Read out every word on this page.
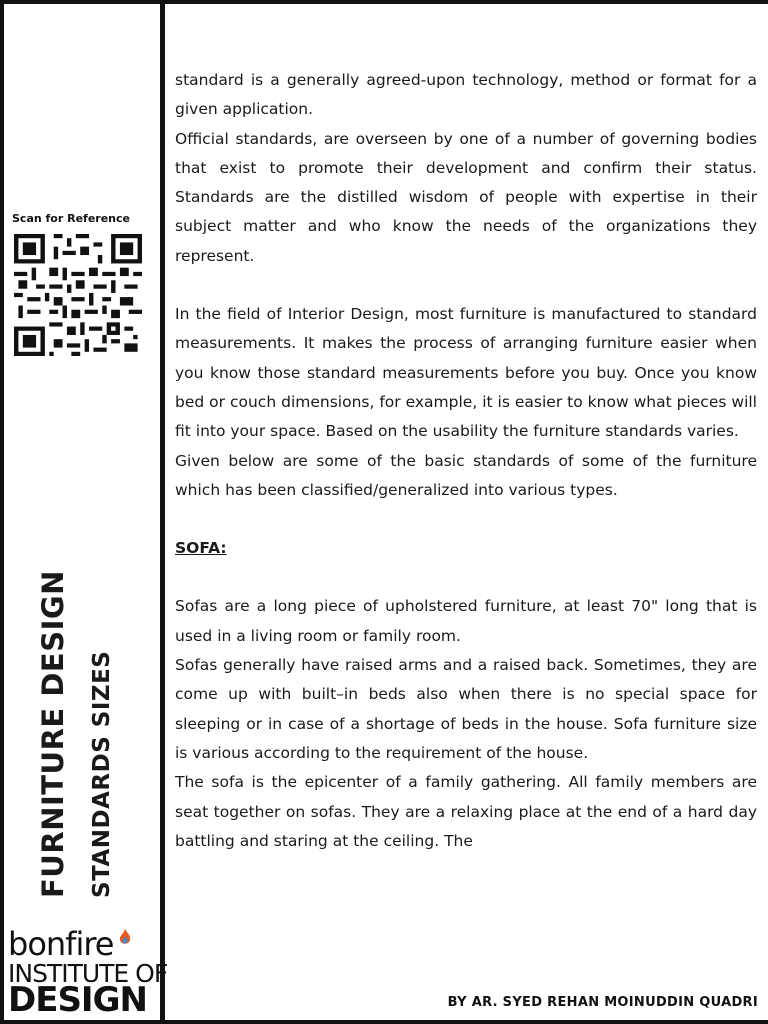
Scan for Reference
FURNITURE DESIGN STANDARDS SIZES
bonfire
INSTITUTE OF
DESIGN

standard is a generally agreed-upon technology, method or format for a given application.

Official standards, are overseen by one of a number of governing bodies that exist to promote their development and confirm their status. Standards are the distilled wisdom of people with expertise in their subject matter and who know the needs of the organizations they represent.

In the field of Interior Design, most furniture is manufactured to standard measurements. It makes the process of arranging furniture easier when you know those standard measurements before you buy. Once you know bed or couch dimensions, for example, it is easier to know what pieces will fit into your space. Based on the usability the furniture standards varies.

Given below are some of the basic standards of some of the furniture which has been classified/generalized into various types.

SOFA:

Sofas are a long piece of upholstered furniture, at least 70" long that is used in a living room or family room.

Sofas generally have raised arms and a raised back. Sometimes, they are come up with built–in beds also when there is no special space for sleeping or in case of a shortage of beds in the house. Sofa furniture size is various according to the requirement of the house.

The sofa is the epicenter of a family gathering. All family members are seat together on sofas. They are a relaxing place at the end of a hard day battling and staring at the ceiling. The

BY AR. SYED REHAN MOINUDDIN QUADRI
